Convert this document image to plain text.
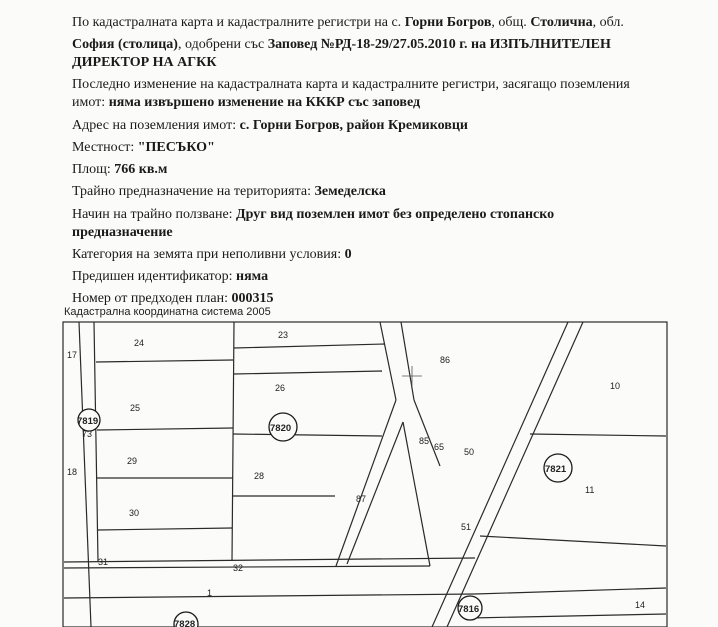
По кадастралната карта и кадастралните регистри на с. Горни Богров, общ. Столична, обл.
София (столица), одобрени със Заповед №РД-18-29/27.05.2010 г. на ИЗПЪЛНИТЕЛЕН
ДИРЕКТОР НА АГКК
Последно изменение на кадастралната карта и кадастралните регистри, засягащо поземления
имот: няма извършено изменение на КККР със заповед
Адрес на поземления имот: с. Горни Богров, район Кремиковци
Местност: "ПЕСЪКО"
Площ: 766 кв.м
Трайно предназначение на територията: Земеделска
Начин на трайно ползване: Друг вид поземлен имот без определено стопанско
предназначение
Категория на земята при неполивни условия: 0
Предишен идентификатор: няма
Номер от предходен план: 000315
Кадастрална координатна система 2005
7819
7820
7821
7816
7828
17
24
23
86
10
26
25
73
85
65 50
29
18	28
11
87
30
51
31
32
1
14
